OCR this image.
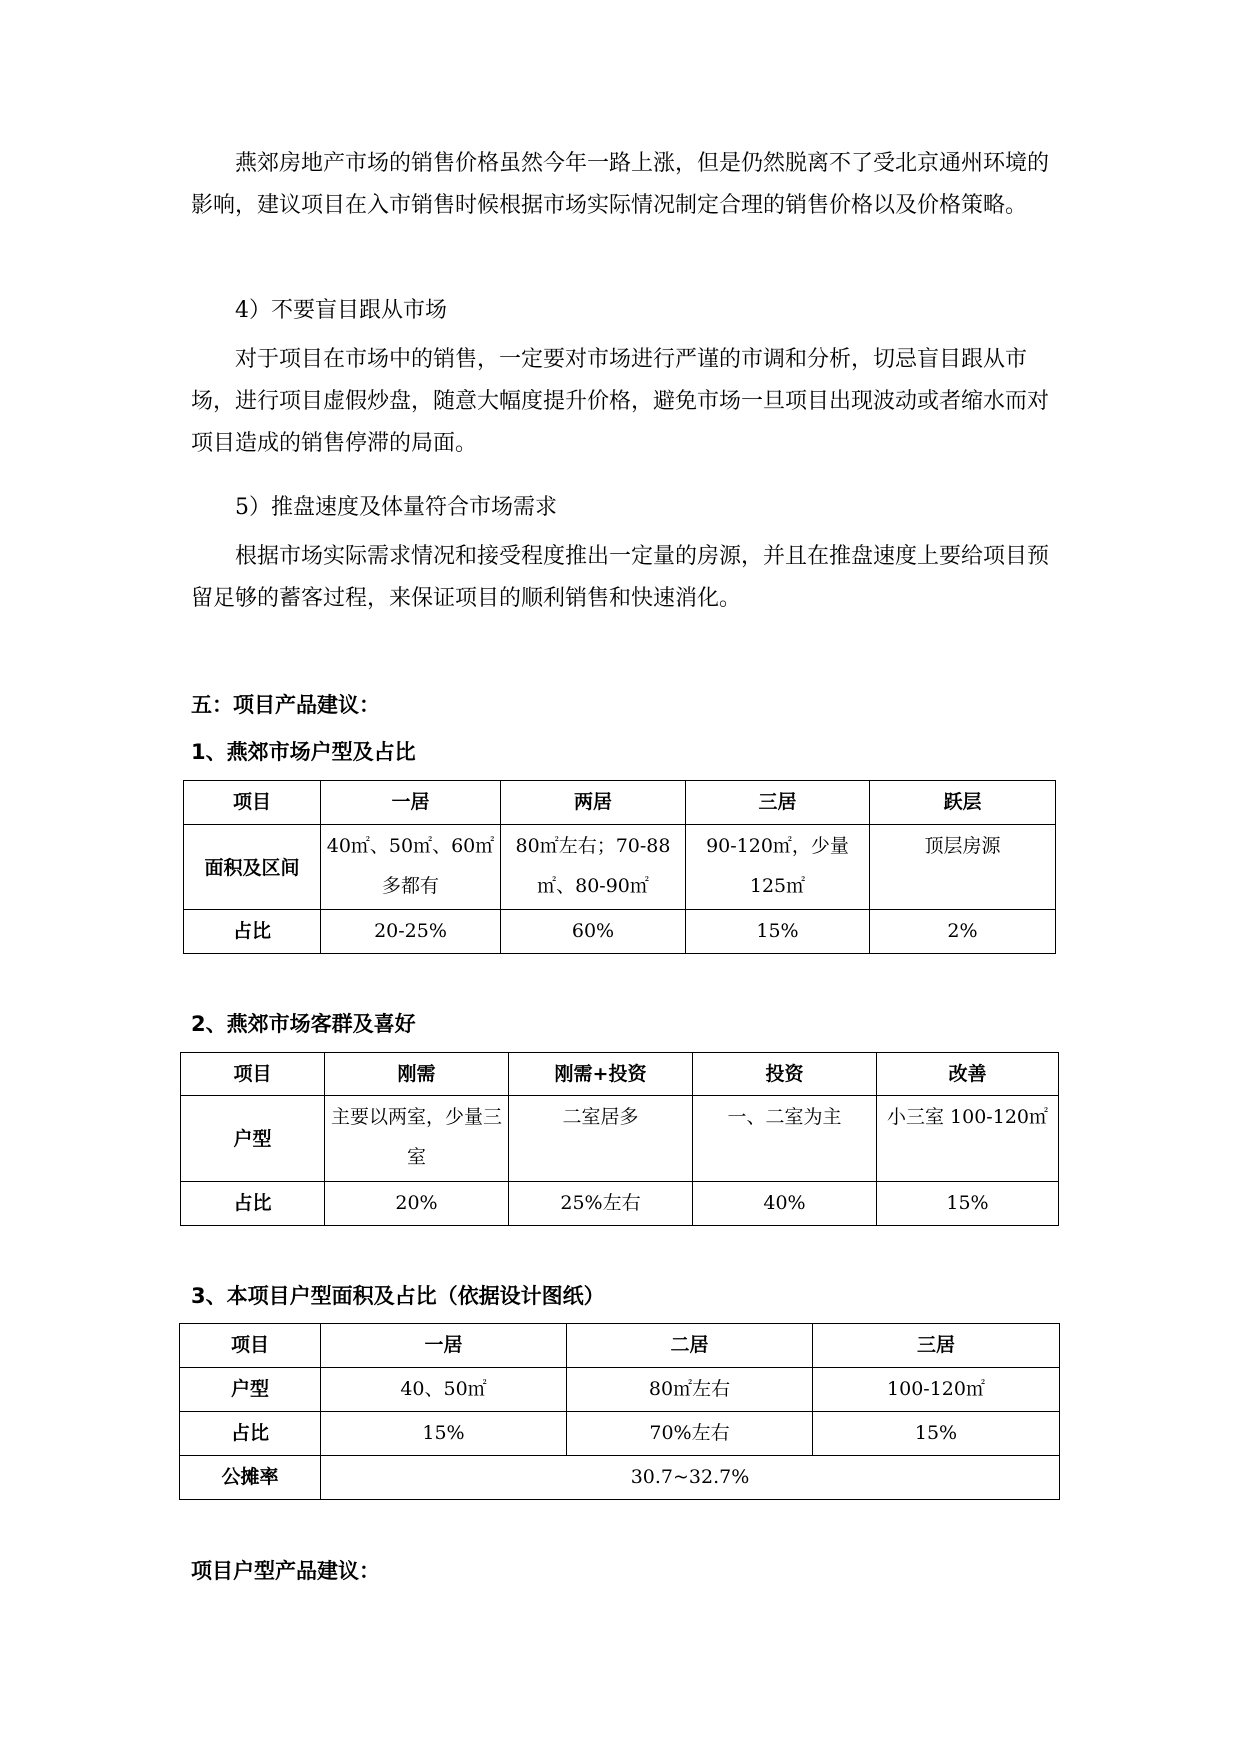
燕郊房地产市场的销售价格虽然今年一路上涨，但是仍然脱离不了受北京通州环境的影响，建议项目在入市销售时候根据市场实际情况制定合理的销售价格以及价格策略。

4）不要盲目跟从市场

对于项目在市场中的销售，一定要对市场进行严谨的市调和分析，切忌盲目跟从市场，进行项目虚假炒盘，随意大幅度提升价格，避免市场一旦项目出现波动或者缩水而对项目造成的销售停滞的局面。

5）推盘速度及体量符合市场需求

根据市场实际需求情况和接受程度推出一定量的房源，并且在推盘速度上要给项目预留足够的蓄客过程，来保证项目的顺利销售和快速消化。

五：项目产品建议：
1、燕郊市场户型及占比
项目	一居	两居	三居	跃层
面积及区间	40㎡、50㎡、60㎡多都有	80㎡左右；70-88㎡、80-90㎡	90-120㎡，少量125㎡	顶层房源
占比	20-25%	60%	15%	2%
2、燕郊市场客群及喜好
项目	刚需	刚需+投资	投资	改善
户型	主要以两室，少量三室	二室居多	一、二室为主	小三室 100-120㎡
占比	20%	25%左右	40%	15%
3、本项目户型面积及占比（依据设计图纸）
项目	一居	二居	三居
户型	40、50㎡	80㎡左右	100-120㎡
占比	15%	70%左右	15%
公摊率	30.7~32.7%		
项目户型产品建议：
